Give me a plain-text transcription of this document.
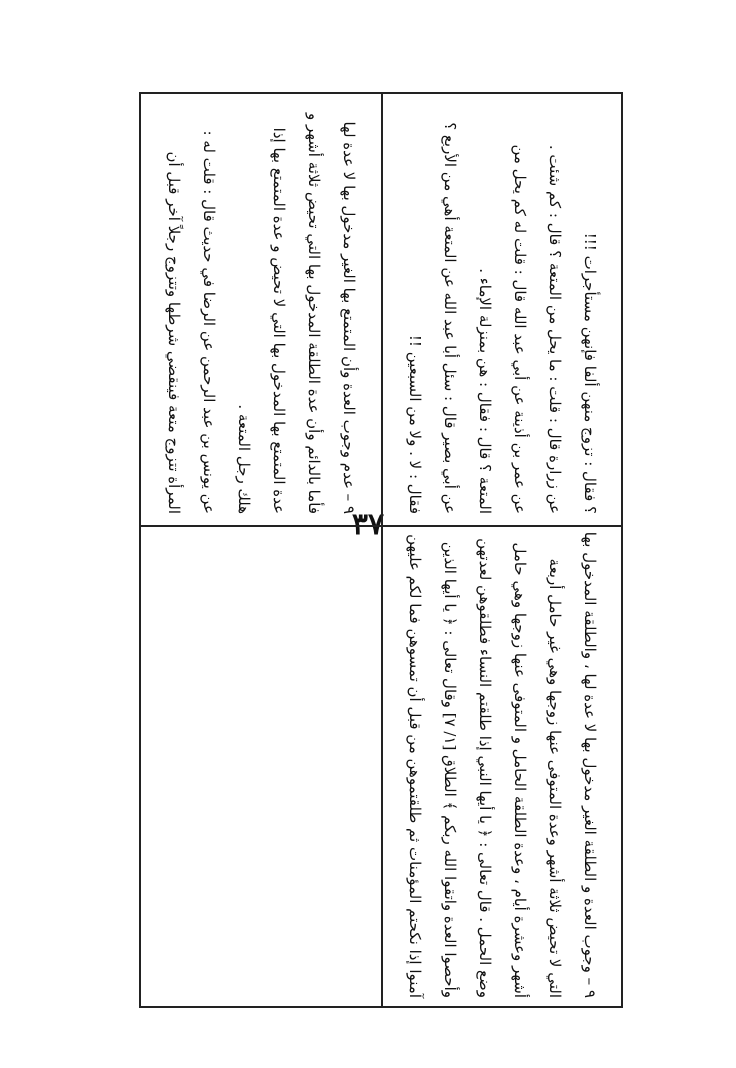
٣٧
؟ فقال : تزوج منهن ألفا فإنهن مستأجرات !!!
عن زرارة قال : قلت : ما يحل من المتعة ؟ قال : كم شئت .
عن عمر بن أذينة عن أبي عبد الله قال : قلت له كم يحل من
المتعة ؟ قال : فقال : هن بمنزلة الإماء .
عن أبي بصير قال : سئل أبا عبد الله عن المتعة أهي من الأربع ؟
فقال : لا . ولا من السبعين !!
٩ – عدم وجوب العدة وأن المتمتع بها الغير مدخول بها لا عدة لها
فأما بالدائم وأن عدة الطلقة المدخول بها التي تحيض ثلاثة أشهر و
عدة المتمتع بها المدخول بها التي لا تحيض و عدة المتمتع بها إذا
هلك رجل المتعة .
عن يونس بن عبد الرحمن عن الرضا في حديث قال : قلت له :
المرأة تتزوج متعة فينقضي شرطها وتتزوج رجلاً آخر قبل أن
٩ – وجوب العدة و الطلقة الغير مدخول بها لا عدة لها ، والطلقة المدخول بها
التي لا تحيض ثلاثة أشهر وعدة المتوفى عنها زوجها وهي غير حامل أربعة
أشهر وعشرة أيام ، وعدة الطلقة الحامل و المتوفى عنها زوجها وهي حامل
وضع الحمل . قال تعالى : ﴿ يا أيها النبي إذا طلقتم النساء فطلقوهن لعدتهن
وأحصوا العدة واتقوا الله ربكم ﴾ الطلاق [١/ ٧] وقال تعالى : ﴿ يا أيها الذين
آمنوا إذا نكحتم المؤمنات ثم طلقتموهن من قبل أن تمسوهن فما لكم عليهن
